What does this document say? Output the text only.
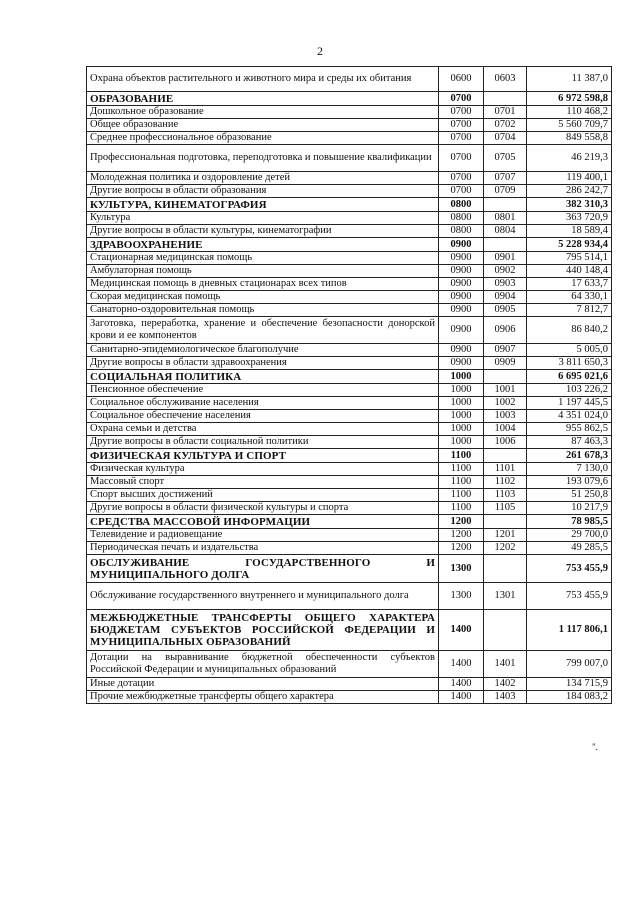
2
Охрана объектов растительного и животного мира и среды их обитания	0600	0603	11 387,0
ОБРАЗОВАНИЕ	0700		6 972 598,8
Дошкольное образование	0700	0701	110 468,2
Общее образование	0700	0702	5 560 709,7
Среднее профессиональное образование	0700	0704	849 558,8
Профессиональная подготовка, переподготовка и повышение квалификации	0700	0705	46 219,3
Молодежная политика и оздоровление детей	0700	0707	119 400,1
Другие вопросы в области образования	0700	0709	286 242,7
КУЛЬТУРА, КИНЕМАТОГРАФИЯ	0800		382 310,3
Культура	0800	0801	363 720,9
Другие вопросы в области культуры, кинематографии	0800	0804	18 589,4
ЗДРАВООХРАНЕНИЕ	0900		5 228 934,4
Стационарная медицинская помощь	0900	0901	795 514,1
Амбулаторная помощь	0900	0902	440 148,4
Медицинская помощь в дневных стационарах всех типов	0900	0903	17 633,7
Скорая медицинская помощь	0900	0904	64 330,1
Санаторно-оздоровительная помощь	0900	0905	7 812,7
Заготовка, переработка, хранение и обеспечение безопасности донорской крови и ее компонентов	0900	0906	86 840,2
Санитарно-эпидемиологическое благополучие	0900	0907	5 005,0
Другие вопросы в области здравоохранения	0900	0909	3 811 650,3
СОЦИАЛЬНАЯ ПОЛИТИКА	1000		6 695 021,6
Пенсионное обеспечение	1000	1001	103 226,2
Социальное обслуживание населения	1000	1002	1 197 445,5
Социальное обеспечение населения	1000	1003	4 351 024,0
Охрана семьи и детства	1000	1004	955 862,5
Другие вопросы в области социальной политики	1000	1006	87 463,3
ФИЗИЧЕСКАЯ КУЛЬТУРА И СПОРТ	1100		261 678,3
Физическая культура	1100	1101	7 130,0
Массовый спорт	1100	1102	193 079,6
Спорт высших достижений	1100	1103	51 250,8
Другие вопросы в области физической культуры и спорта	1100	1105	10 217,9
СРЕДСТВА МАССОВОЙ ИНФОРМАЦИИ	1200		78 985,5
Телевидение и радиовещание	1200	1201	29 700,0
Периодическая печать и издательства	1200	1202	49 285,5
ОБСЛУЖИВАНИЕ ГОСУДАРСТВЕННОГО И МУНИЦИПАЛЬНОГО ДОЛГА	1300		753 455,9
Обслуживание государственного внутреннего и муниципального долга	1300	1301	753 455,9
МЕЖБЮДЖЕТНЫЕ ТРАНСФЕРТЫ ОБЩЕГО ХАРАКТЕРА БЮДЖЕТАМ СУБЪЕКТОВ РОССИЙСКОЙ ФЕДЕРАЦИИ И МУНИЦИПАЛЬНЫХ ОБРАЗОВАНИЙ	1400		1 117 806,1
Дотации на выравнивание бюджетной обеспеченности субъектов Российской Федерации и муниципальных образований	1400	1401	799 007,0
Иные дотации	1400	1402	134 715,9
Прочие межбюджетные трансферты общего характера	1400	1403	184 083,2
".
